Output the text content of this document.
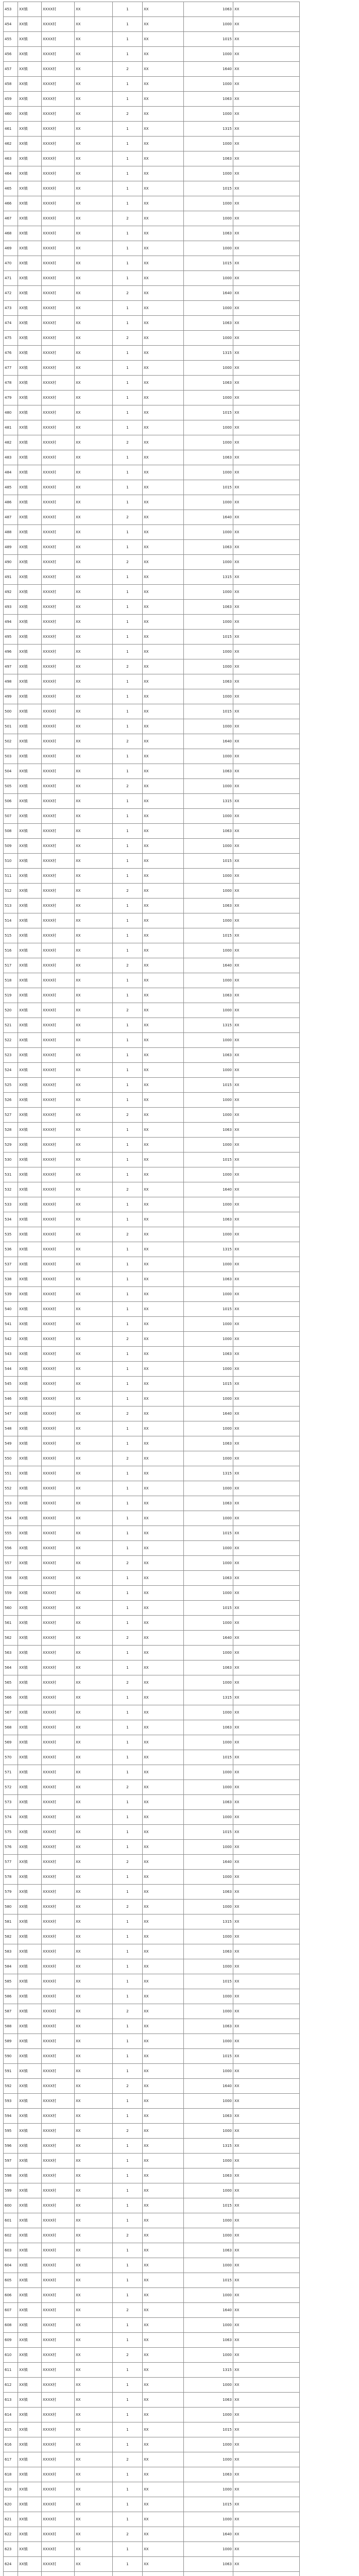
453	XX镇	XXXX村	XX	1	XX	1063	XX
454	XX镇	XXXX村	XX	1	XX	1000	XX
455	XX镇	XXXX村	XX	1	XX	1015	XX
456	XX镇	XXXX村	XX	1	XX	1000	XX
457	XX镇	XXXX村	XX	2	XX	1640	XX
458	XX镇	XXXX村	XX	1	XX	1000	XX
459	XX镇	XXXX村	XX	1	XX	1063	XX
460	XX镇	XXXX村	XX	2	XX	1000	XX
461	XX镇	XXXX村	XX	1	XX	1315	XX
462	XX镇	XXXX村	XX	1	XX	1000	XX
463	XX镇	XXXX村	XX	1	XX	1063	XX
464	XX镇	XXXX村	XX	1	XX	1000	XX
465	XX镇	XXXX村	XX	1	XX	1015	XX
466	XX镇	XXXX村	XX	1	XX	1000	XX
467	XX镇	XXXX村	XX	2	XX	1000	XX
468	XX镇	XXXX村	XX	1	XX	1063	XX
469	XX镇	XXXX村	XX	1	XX	1000	XX
470	XX镇	XXXX村	XX	1	XX	1015	XX
471	XX镇	XXXX村	XX	1	XX	1000	XX
472	XX镇	XXXX村	XX	2	XX	1640	XX
473	XX镇	XXXX村	XX	1	XX	1000	XX
474	XX镇	XXXX村	XX	1	XX	1063	XX
475	XX镇	XXXX村	XX	2	XX	1000	XX
476	XX镇	XXXX村	XX	1	XX	1315	XX
477	XX镇	XXXX村	XX	1	XX	1000	XX
478	XX镇	XXXX村	XX	1	XX	1063	XX
479	XX镇	XXXX村	XX	1	XX	1000	XX
480	XX镇	XXXX村	XX	1	XX	1015	XX
481	XX镇	XXXX村	XX	1	XX	1000	XX
482	XX镇	XXXX村	XX	2	XX	1000	XX
483	XX镇	XXXX村	XX	1	XX	1063	XX
484	XX镇	XXXX村	XX	1	XX	1000	XX
485	XX镇	XXXX村	XX	1	XX	1015	XX
486	XX镇	XXXX村	XX	1	XX	1000	XX
487	XX镇	XXXX村	XX	2	XX	1640	XX
488	XX镇	XXXX村	XX	1	XX	1000	XX
489	XX镇	XXXX村	XX	1	XX	1063	XX
490	XX镇	XXXX村	XX	2	XX	1000	XX
491	XX镇	XXXX村	XX	1	XX	1315	XX
492	XX镇	XXXX村	XX	1	XX	1000	XX
493	XX镇	XXXX村	XX	1	XX	1063	XX
494	XX镇	XXXX村	XX	1	XX	1000	XX
495	XX镇	XXXX村	XX	1	XX	1015	XX
496	XX镇	XXXX村	XX	1	XX	1000	XX
497	XX镇	XXXX村	XX	2	XX	1000	XX
498	XX镇	XXXX村	XX	1	XX	1063	XX
499	XX镇	XXXX村	XX	1	XX	1000	XX
500	XX镇	XXXX村	XX	1	XX	1015	XX
501	XX镇	XXXX村	XX	1	XX	1000	XX
502	XX镇	XXXX村	XX	2	XX	1640	XX
503	XX镇	XXXX村	XX	1	XX	1000	XX
504	XX镇	XXXX村	XX	1	XX	1063	XX
505	XX镇	XXXX村	XX	2	XX	1000	XX
506	XX镇	XXXX村	XX	1	XX	1315	XX
507	XX镇	XXXX村	XX	1	XX	1000	XX
508	XX镇	XXXX村	XX	1	XX	1063	XX
509	XX镇	XXXX村	XX	1	XX	1000	XX
510	XX镇	XXXX村	XX	1	XX	1015	XX
511	XX镇	XXXX村	XX	1	XX	1000	XX
512	XX镇	XXXX村	XX	2	XX	1000	XX
513	XX镇	XXXX村	XX	1	XX	1063	XX
514	XX镇	XXXX村	XX	1	XX	1000	XX
515	XX镇	XXXX村	XX	1	XX	1015	XX
516	XX镇	XXXX村	XX	1	XX	1000	XX
517	XX镇	XXXX村	XX	2	XX	1640	XX
518	XX镇	XXXX村	XX	1	XX	1000	XX
519	XX镇	XXXX村	XX	1	XX	1063	XX
520	XX镇	XXXX村	XX	2	XX	1000	XX
521	XX镇	XXXX村	XX	1	XX	1315	XX
522	XX镇	XXXX村	XX	1	XX	1000	XX
523	XX镇	XXXX村	XX	1	XX	1063	XX
524	XX镇	XXXX村	XX	1	XX	1000	XX
525	XX镇	XXXX村	XX	1	XX	1015	XX
526	XX镇	XXXX村	XX	1	XX	1000	XX
527	XX镇	XXXX村	XX	2	XX	1000	XX
528	XX镇	XXXX村	XX	1	XX	1063	XX
529	XX镇	XXXX村	XX	1	XX	1000	XX
530	XX镇	XXXX村	XX	1	XX	1015	XX
531	XX镇	XXXX村	XX	1	XX	1000	XX
532	XX镇	XXXX村	XX	2	XX	1640	XX
533	XX镇	XXXX村	XX	1	XX	1000	XX
534	XX镇	XXXX村	XX	1	XX	1063	XX
535	XX镇	XXXX村	XX	2	XX	1000	XX
536	XX镇	XXXX村	XX	1	XX	1315	XX
537	XX镇	XXXX村	XX	1	XX	1000	XX
538	XX镇	XXXX村	XX	1	XX	1063	XX
539	XX镇	XXXX村	XX	1	XX	1000	XX
540	XX镇	XXXX村	XX	1	XX	1015	XX
541	XX镇	XXXX村	XX	1	XX	1000	XX
542	XX镇	XXXX村	XX	2	XX	1000	XX
543	XX镇	XXXX村	XX	1	XX	1063	XX
544	XX镇	XXXX村	XX	1	XX	1000	XX
545	XX镇	XXXX村	XX	1	XX	1015	XX
546	XX镇	XXXX村	XX	1	XX	1000	XX
547	XX镇	XXXX村	XX	2	XX	1640	XX
548	XX镇	XXXX村	XX	1	XX	1000	XX
549	XX镇	XXXX村	XX	1	XX	1063	XX
550	XX镇	XXXX村	XX	2	XX	1000	XX
551	XX镇	XXXX村	XX	1	XX	1315	XX
552	XX镇	XXXX村	XX	1	XX	1000	XX
553	XX镇	XXXX村	XX	1	XX	1063	XX
554	XX镇	XXXX村	XX	1	XX	1000	XX
555	XX镇	XXXX村	XX	1	XX	1015	XX
556	XX镇	XXXX村	XX	1	XX	1000	XX
557	XX镇	XXXX村	XX	2	XX	1000	XX
558	XX镇	XXXX村	XX	1	XX	1063	XX
559	XX镇	XXXX村	XX	1	XX	1000	XX
560	XX镇	XXXX村	XX	1	XX	1015	XX
561	XX镇	XXXX村	XX	1	XX	1000	XX
562	XX镇	XXXX村	XX	2	XX	1640	XX
563	XX镇	XXXX村	XX	1	XX	1000	XX
564	XX镇	XXXX村	XX	1	XX	1063	XX
565	XX镇	XXXX村	XX	2	XX	1000	XX
566	XX镇	XXXX村	XX	1	XX	1315	XX
567	XX镇	XXXX村	XX	1	XX	1000	XX
568	XX镇	XXXX村	XX	1	XX	1063	XX
569	XX镇	XXXX村	XX	1	XX	1000	XX
570	XX镇	XXXX村	XX	1	XX	1015	XX
571	XX镇	XXXX村	XX	1	XX	1000	XX
572	XX镇	XXXX村	XX	2	XX	1000	XX
573	XX镇	XXXX村	XX	1	XX	1063	XX
574	XX镇	XXXX村	XX	1	XX	1000	XX
575	XX镇	XXXX村	XX	1	XX	1015	XX
576	XX镇	XXXX村	XX	1	XX	1000	XX
577	XX镇	XXXX村	XX	2	XX	1640	XX
578	XX镇	XXXX村	XX	1	XX	1000	XX
579	XX镇	XXXX村	XX	1	XX	1063	XX
580	XX镇	XXXX村	XX	2	XX	1000	XX
581	XX镇	XXXX村	XX	1	XX	1315	XX
582	XX镇	XXXX村	XX	1	XX	1000	XX
583	XX镇	XXXX村	XX	1	XX	1063	XX
584	XX镇	XXXX村	XX	1	XX	1000	XX
585	XX镇	XXXX村	XX	1	XX	1015	XX
586	XX镇	XXXX村	XX	1	XX	1000	XX
587	XX镇	XXXX村	XX	2	XX	1000	XX
588	XX镇	XXXX村	XX	1	XX	1063	XX
589	XX镇	XXXX村	XX	1	XX	1000	XX
590	XX镇	XXXX村	XX	1	XX	1015	XX
591	XX镇	XXXX村	XX	1	XX	1000	XX
592	XX镇	XXXX村	XX	2	XX	1640	XX
593	XX镇	XXXX村	XX	1	XX	1000	XX
594	XX镇	XXXX村	XX	1	XX	1063	XX
595	XX镇	XXXX村	XX	2	XX	1000	XX
596	XX镇	XXXX村	XX	1	XX	1315	XX
597	XX镇	XXXX村	XX	1	XX	1000	XX
598	XX镇	XXXX村	XX	1	XX	1063	XX
599	XX镇	XXXX村	XX	1	XX	1000	XX
600	XX镇	XXXX村	XX	1	XX	1015	XX
601	XX镇	XXXX村	XX	1	XX	1000	XX
602	XX镇	XXXX村	XX	2	XX	1000	XX
603	XX镇	XXXX村	XX	1	XX	1063	XX
604	XX镇	XXXX村	XX	1	XX	1000	XX
605	XX镇	XXXX村	XX	1	XX	1015	XX
606	XX镇	XXXX村	XX	1	XX	1000	XX
607	XX镇	XXXX村	XX	2	XX	1640	XX
608	XX镇	XXXX村	XX	1	XX	1000	XX
609	XX镇	XXXX村	XX	1	XX	1063	XX
610	XX镇	XXXX村	XX	2	XX	1000	XX
611	XX镇	XXXX村	XX	1	XX	1315	XX
612	XX镇	XXXX村	XX	1	XX	1000	XX
613	XX镇	XXXX村	XX	1	XX	1063	XX
614	XX镇	XXXX村	XX	1	XX	1000	XX
615	XX镇	XXXX村	XX	1	XX	1015	XX
616	XX镇	XXXX村	XX	1	XX	1000	XX
617	XX镇	XXXX村	XX	2	XX	1000	XX
618	XX镇	XXXX村	XX	1	XX	1063	XX
619	XX镇	XXXX村	XX	1	XX	1000	XX
620	XX镇	XXXX村	XX	1	XX	1015	XX
621	XX镇	XXXX村	XX	1	XX	1000	XX
622	XX镇	XXXX村	XX	2	XX	1640	XX
623	XX镇	XXXX村	XX	1	XX	1000	XX
624	XX镇	XXXX村	XX	1	XX	1063	XX
